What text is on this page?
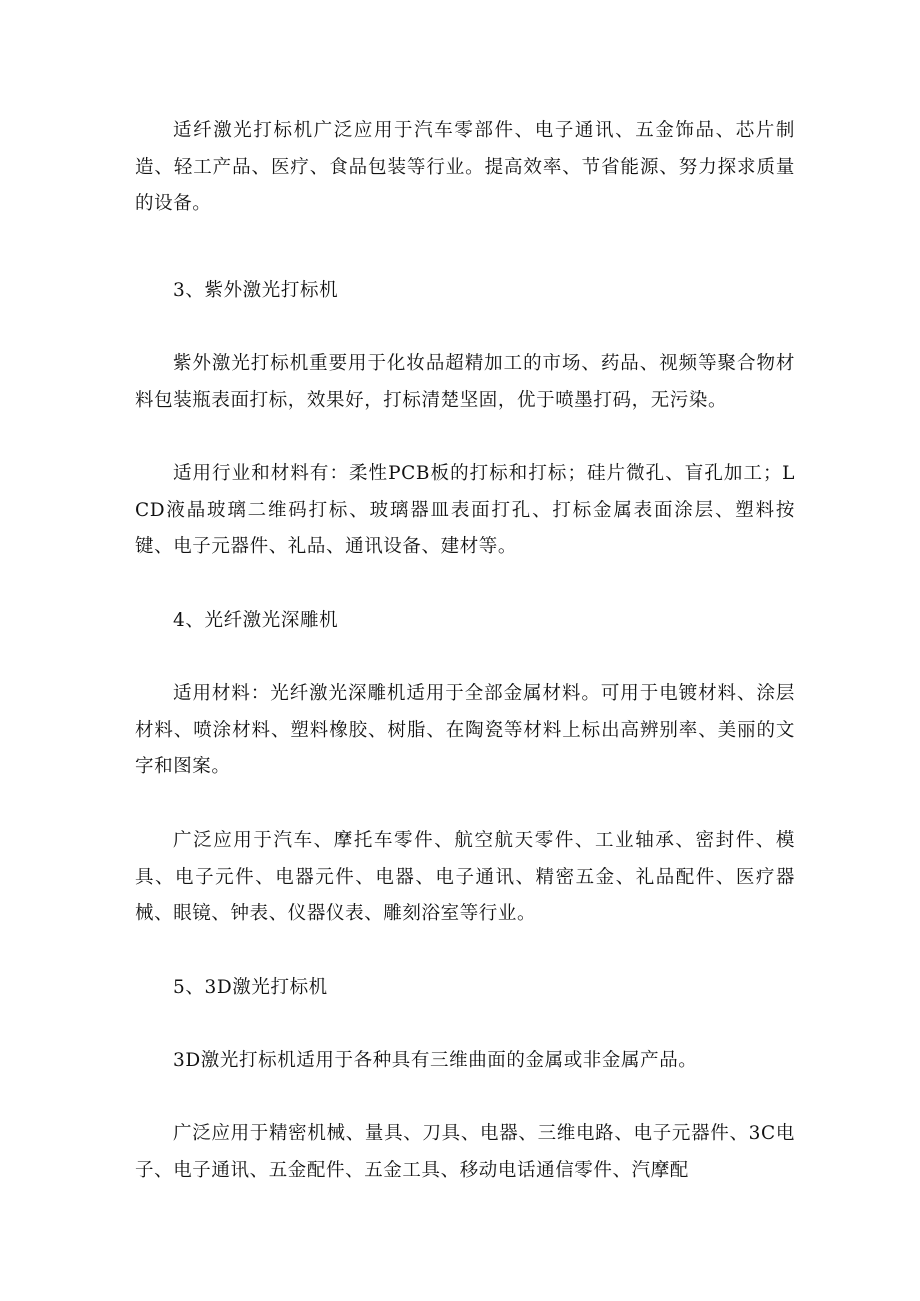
适纤激光打标机广泛应用于汽车零部件、电子通讯、五金饰品、芯片制造、轻工产品、医疗、食品包装等行业。提高效率、节省能源、努力探求质量的设备。

3、紫外激光打标机

紫外激光打标机重要用于化妆品超精加工的市场、药品、视频等聚合物材料包装瓶表面打标，效果好，打标清楚坚固，优于喷墨打码，无污染。

适用行业和材料有：柔性PCB板的打标和打标；硅片微孔、盲孔加工；LCD液晶玻璃二维码打标、玻璃器皿表面打孔、打标金属表面涂层、塑料按键、电子元器件、礼品、通讯设备、建材等。

4、光纤激光深雕机

适用材料：光纤激光深雕机适用于全部金属材料。可用于电镀材料、涂层材料、喷涂材料、塑料橡胶、树脂、在陶瓷等材料上标出高辨别率、美丽的文字和图案。

广泛应用于汽车、摩托车零件、航空航天零件、工业轴承、密封件、模具、电子元件、电器元件、电器、电子通讯、精密五金、礼品配件、医疗器械、眼镜、钟表、仪器仪表、雕刻浴室等行业。

5、3D激光打标机

3D激光打标机适用于各种具有三维曲面的金属或非金属产品。

广泛应用于精密机械、量具、刀具、电器、三维电路、电子元器件、3C电子、电子通讯、五金配件、五金工具、移动电话通信零件、汽摩配
